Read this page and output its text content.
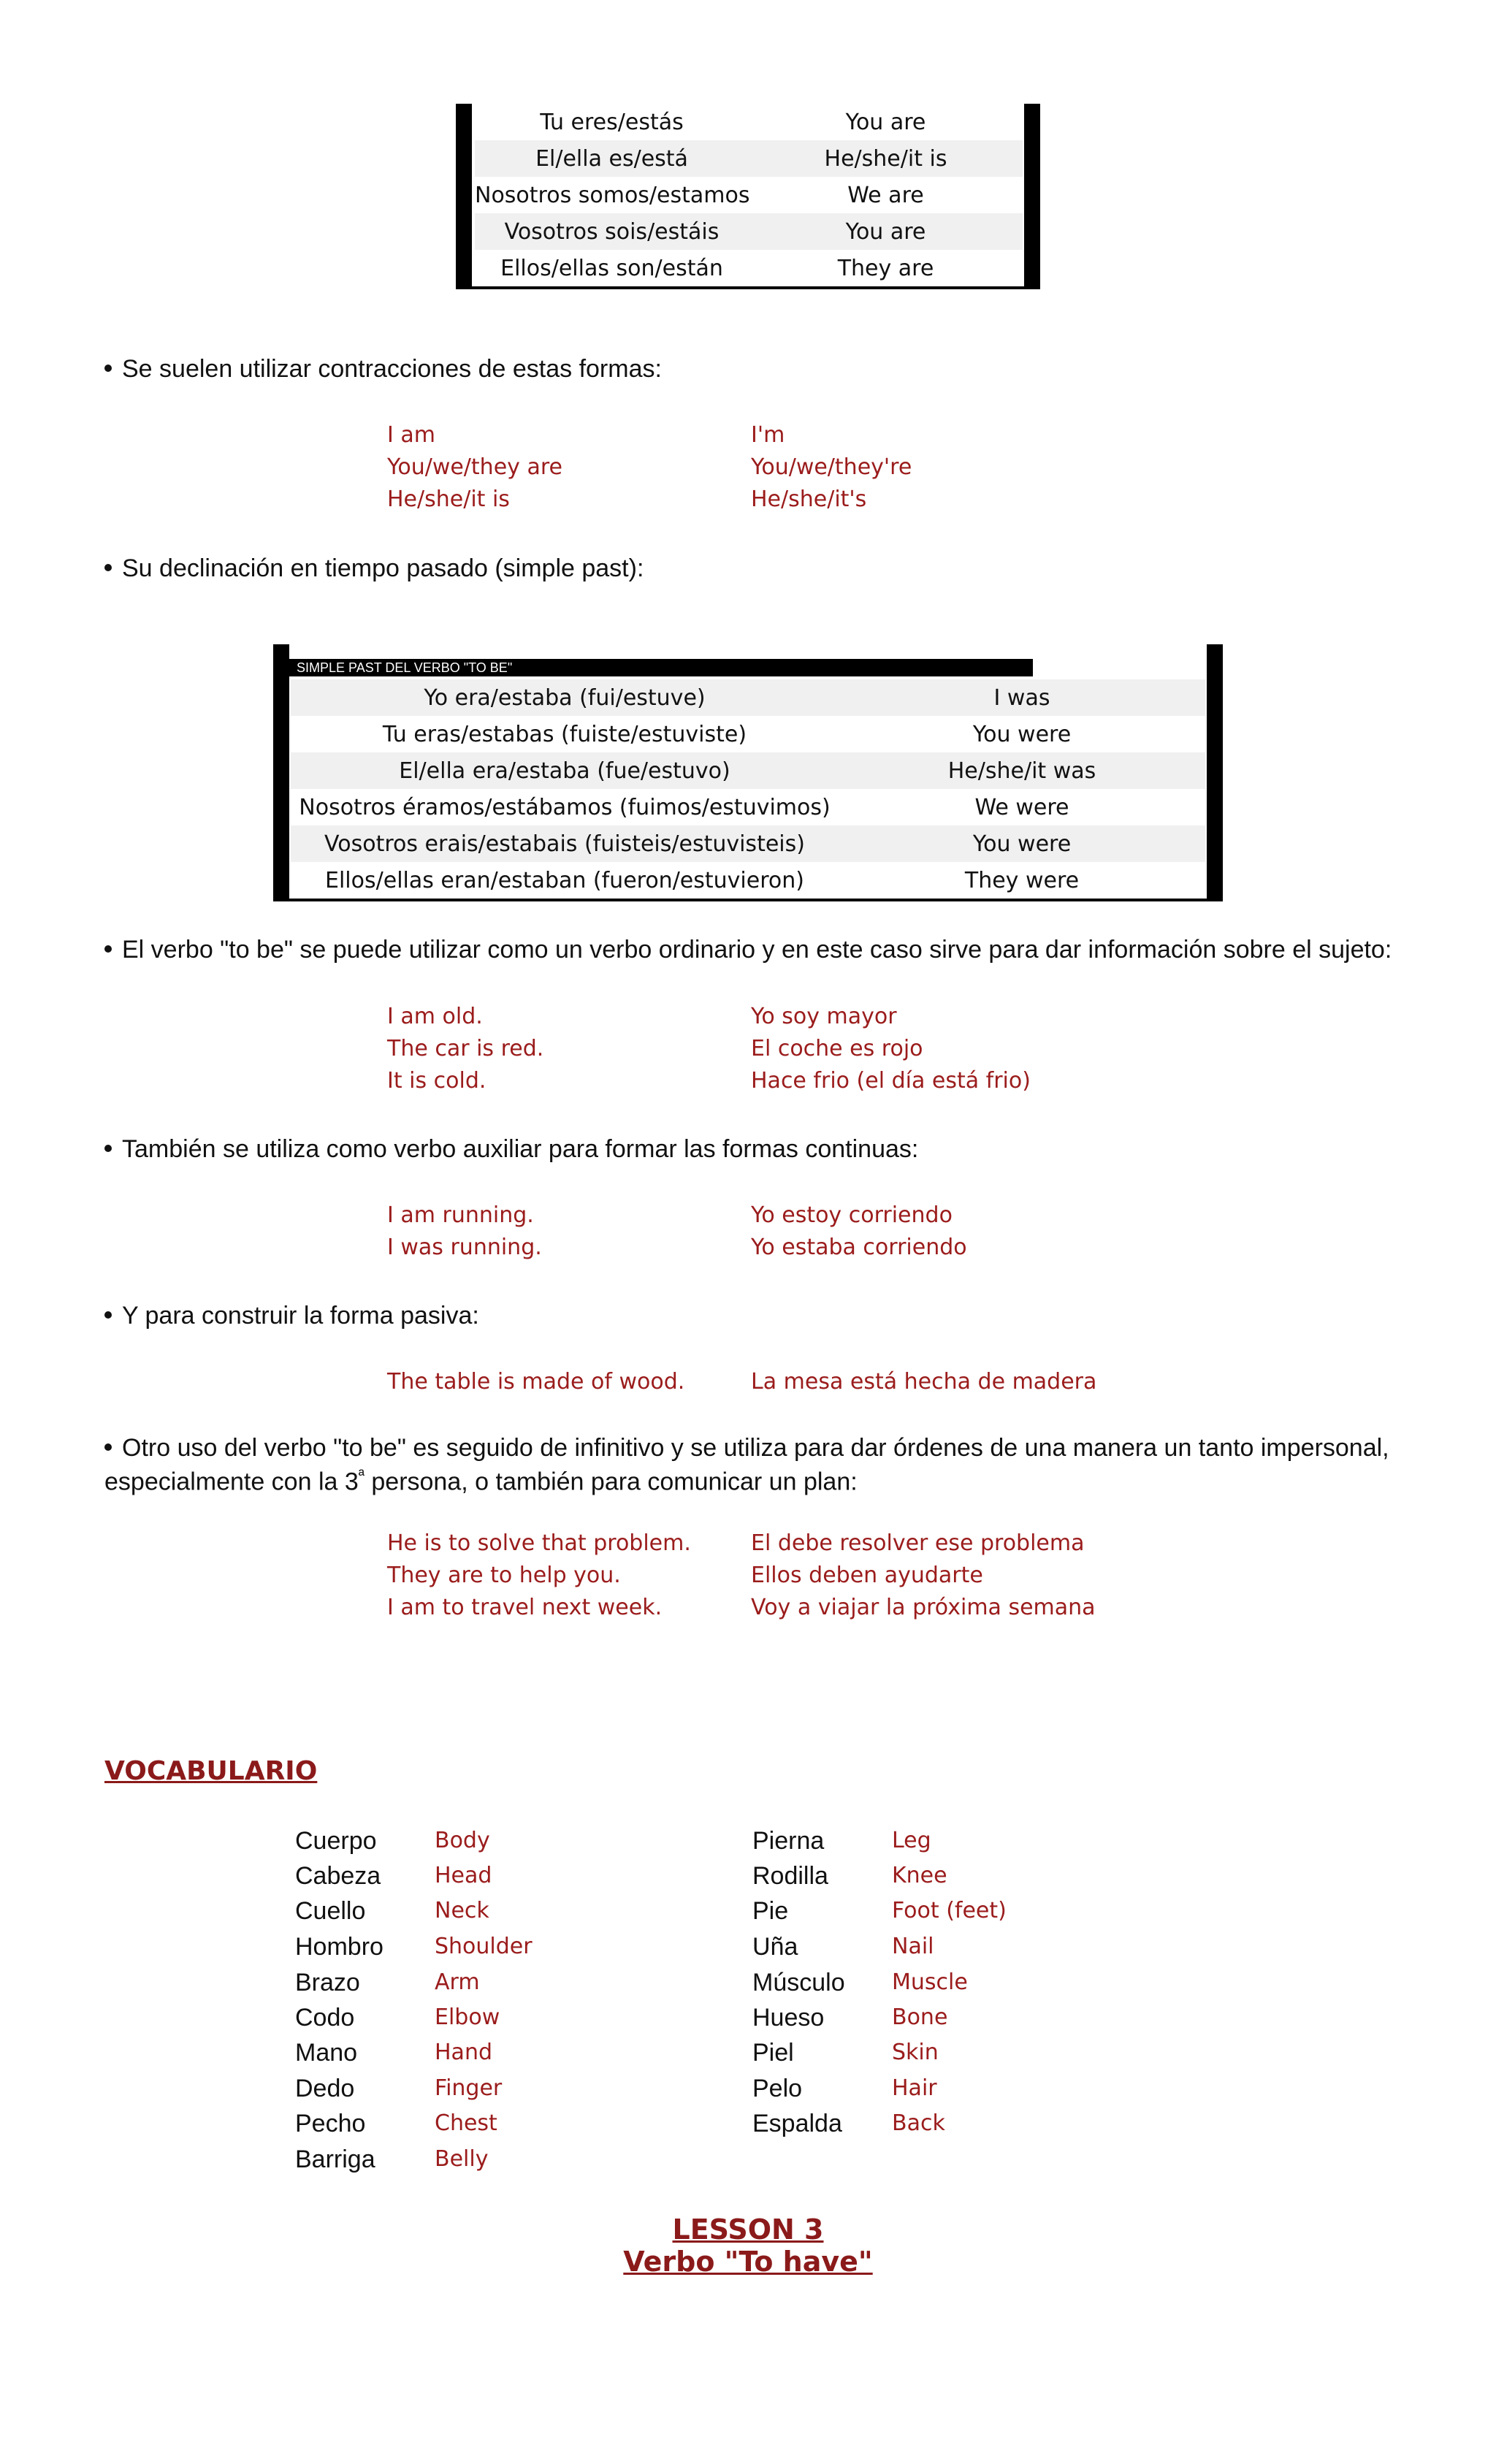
Tu eres/estás	You are
El/ella es/está	He/she/it is
Nosotros somos/estamos	We are
Vosotros sois/estáis	You are
Ellos/ellas son/están	They are
Se suelen utilizar contracciones de estas formas:
I am	I'm
You/we/they are	You/we/they're
He/she/it is	He/she/it's
Su declinación en tiempo pasado (simple past):
SIMPLE PAST DEL VERBO "TO BE"
Yo era/estaba (fui/estuve)	I was
Tu eras/estabas (fuiste/estuviste)	You were
El/ella era/estaba (fue/estuvo)	He/she/it was
Nosotros éramos/estábamos (fuimos/estuvimos)	We were
Vosotros erais/estabais (fuisteis/estuvisteis)	You were
Ellos/ellas eran/estaban (fueron/estuvieron)	They were
El verbo "to be" se puede utilizar como un verbo ordinario y en este caso sirve para dar información sobre el sujeto:
I am old.	Yo soy mayor
The car is red.	El coche es rojo
It is cold.	Hace frio (el día está frio)
También se utiliza como verbo auxiliar para formar las formas continuas:
I am running.	Yo estoy corriendo
I was running.	Yo estaba corriendo
Y para construir la forma pasiva:
The table is made of wood.	La mesa está hecha de madera
Otro uso del verbo "to be" es seguido de infinitivo y se utiliza para dar órdenes de una manera un tanto impersonal,
especialmente con la $3^ª$ persona, o también para comunicar un plan:
He is to solve that problem.	El debe resolver ese problema
They are to help you.	Ellos deben ayudarte
I am to travel next week.	Voy a viajar la próxima semana
VOCABULARIO
Cuerpo	Body
Cabeza Head
Cuello	Neck
Hombro Shoulder
Brazo	Arm
Codo	Elbow
Mano	Hand
Dedo	Finger
Pecho	Chest
Barriga	Belly
Pierna	Leg
Rodilla	Knee
Pie	Foot (feet)
Uña	Nail
Músculo Muscle
Hueso	Bone
Piel	Skin
Pelo	Hair
Espalda Back
LESSON 3
Verbo "To have"
